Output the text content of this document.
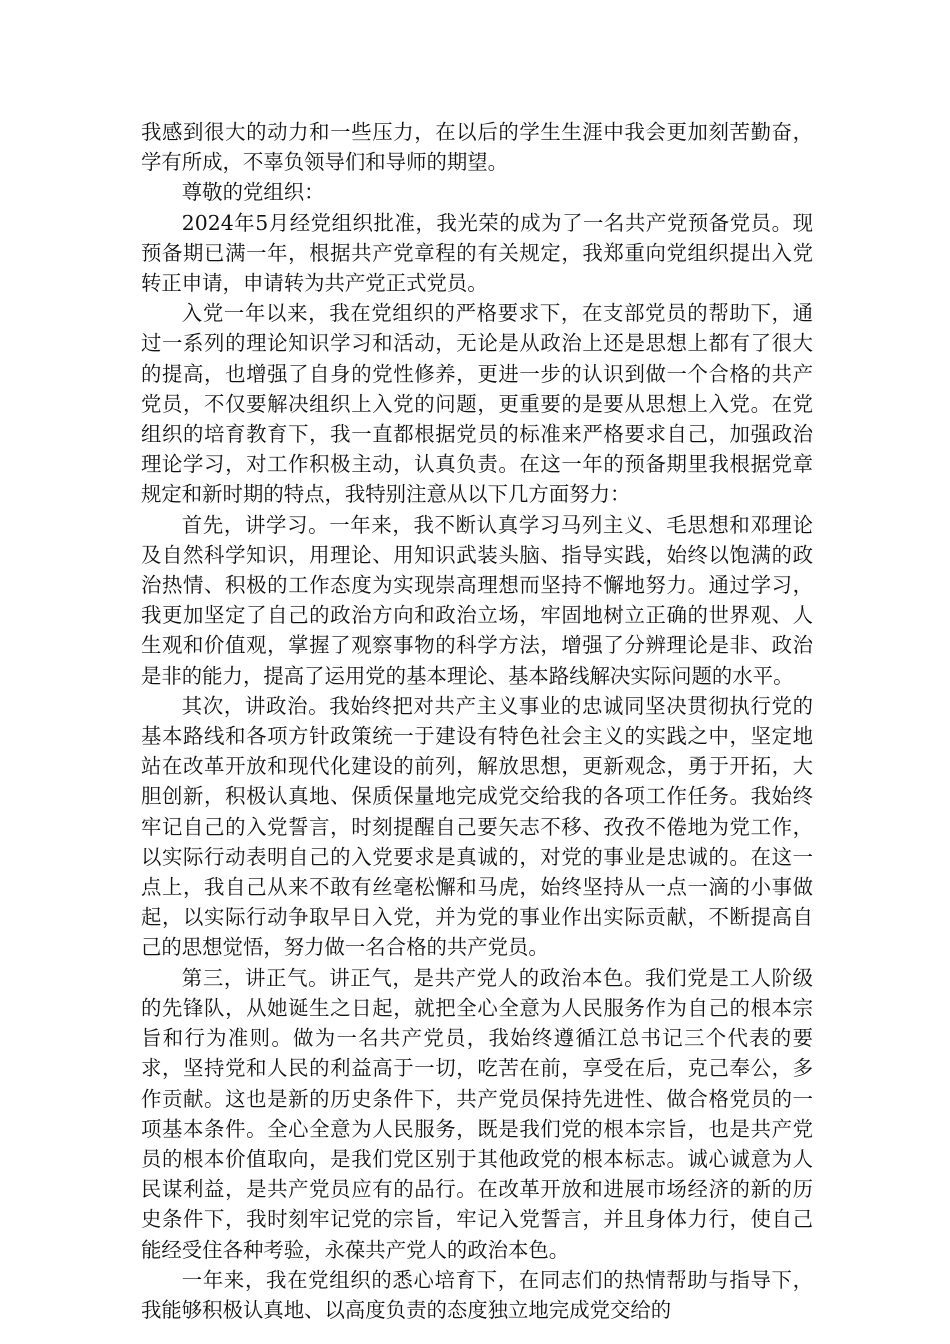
我感到很大的动力和一些压力，在以后的学生生涯中我会更加刻苦勤奋，学有所成，不辜负领导们和导师的期望。

尊敬的党组织：

2024年5月经党组织批准，我光荣的成为了一名共产党预备党员。现预备期已满一年，根据共产党章程的有关规定，我郑重向党组织提出入党转正申请，申请转为共产党正式党员。

入党一年以来，我在党组织的严格要求下，在支部党员的帮助下，通过一系列的理论知识学习和活动，无论是从政治上还是思想上都有了很大的提高，也增强了自身的党性修养，更进一步的认识到做一个合格的共产党员，不仅要解决组织上入党的问题，更重要的是要从思想上入党。在党组织的培育教育下，我一直都根据党员的标准来严格要求自己，加强政治理论学习，对工作积极主动，认真负责。在这一年的预备期里我根据党章规定和新时期的特点，我特别注意从以下几方面努力：

首先，讲学习。一年来，我不断认真学习马列主义、毛思想和邓理论及自然科学知识，用理论、用知识武装头脑、指导实践，始终以饱满的政治热情、积极的工作态度为实现崇高理想而坚持不懈地努力。通过学习，我更加坚定了自己的政治方向和政治立场，牢固地树立正确的世界观、人生观和价值观，掌握了观察事物的科学方法，增强了分辨理论是非、政治是非的能力，提高了运用党的基本理论、基本路线解决实际问题的水平。

其次，讲政治。我始终把对共产主义事业的忠诚同坚决贯彻执行党的基本路线和各项方针政策统一于建设有特色社会主义的实践之中，坚定地站在改革开放和现代化建设的前列，解放思想，更新观念，勇于开拓，大胆创新，积极认真地、保质保量地完成党交给我的各项工作任务。我始终牢记自己的入党誓言，时刻提醒自己要矢志不移、孜孜不倦地为党工作，以实际行动表明自己的入党要求是真诚的，对党的事业是忠诚的。在这一点上，我自己从来不敢有丝毫松懈和马虎，始终坚持从一点一滴的小事做起，以实际行动争取早日入党，并为党的事业作出实际贡献，不断提高自己的思想觉悟，努力做一名合格的共产党员。

第三，讲正气。讲正气，是共产党人的政治本色。我们党是工人阶级的先锋队，从她诞生之日起，就把全心全意为人民服务作为自己的根本宗旨和行为准则。做为一名共产党员，我始终遵循江总书记三个代表的要求，坚持党和人民的利益高于一切，吃苦在前，享受在后，克己奉公，多作贡献。这也是新的历史条件下，共产党员保持先进性、做合格党员的一项基本条件。全心全意为人民服务，既是我们党的根本宗旨，也是共产党员的根本价值取向，是我们党区别于其他政党的根本标志。诚心诚意为人民谋利益，是共产党员应有的品行。在改革开放和进展市场经济的新的历史条件下，我时刻牢记党的宗旨，牢记入党誓言，并且身体力行，使自己能经受住各种考验，永葆共产党人的政治本色。

一年来，我在党组织的悉心培育下，在同志们的热情帮助与指导下，我能够积极认真地、以高度负责的态度独立地完成党交给的
